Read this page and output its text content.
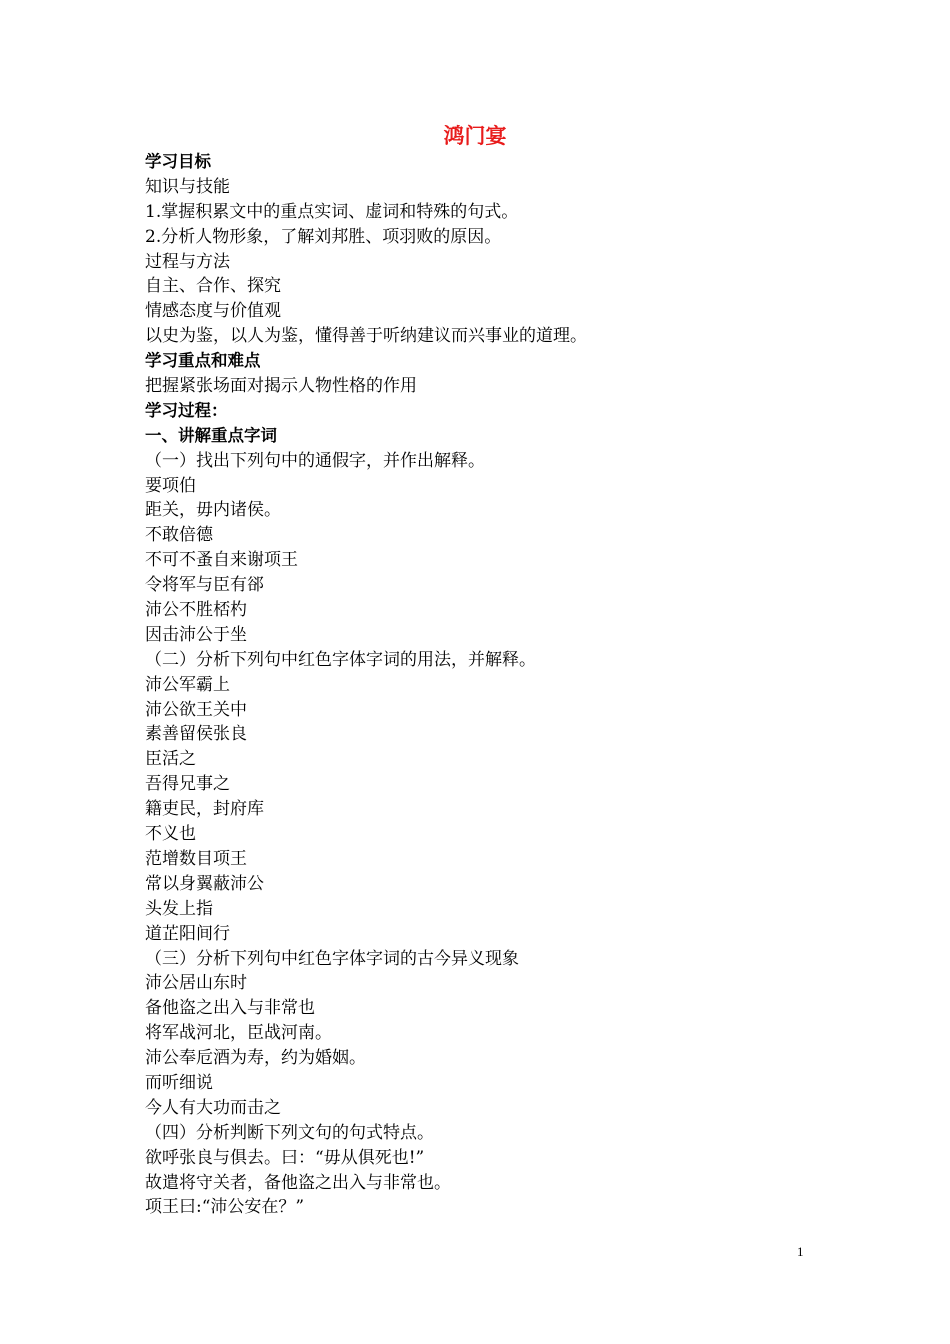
鸿门宴
学习目标
知识与技能
1.掌握积累文中的重点实词、虚词和特殊的句式。
2.分析人物形象，了解刘邦胜、项羽败的原因。
过程与方法
自主、合作、探究
情感态度与价值观
以史为鉴，以人为鉴，懂得善于听纳建议而兴事业的道理。
学习重点和难点
把握紧张场面对揭示人物性格的作用
学习过程：
一、讲解重点字词
（一）找出下列句中的通假字，并作出解释。
要项伯
距关，毋内诸侯。
不敢倍德
不可不蚤自来谢项王
令将军与臣有郤
沛公不胜桮杓
因击沛公于坐
（二）分析下列句中红色字体字词的用法，并解释。
沛公军霸上
沛公欲王关中
素善留侯张良
臣活之
吾得兄事之
籍吏民，封府库
不义也
范增数目项王
常以身翼蔽沛公
头发上指
道芷阳间行
（三）分析下列句中红色字体字词的古今异义现象
沛公居山东时
备他盗之出入与非常也
将军战河北，臣战河南。
沛公奉卮酒为寿，约为婚姻。
而听细说
今人有大功而击之
（四）分析判断下列文句的句式特点。
欲呼张良与俱去。曰：“毋从俱死也!”
故遣将守关者，备他盗之出入与非常也。
项王曰:“沛公安在？”
1
